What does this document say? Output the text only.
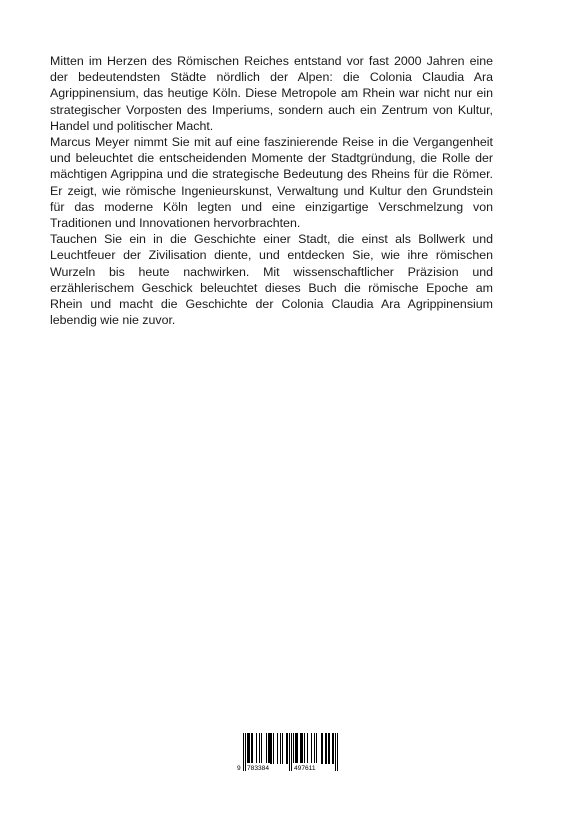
Mitten im Herzen des Römischen Reiches entstand vor fast 2000 Jahren eine der bedeutendsten Städte nördlich der Alpen: die Colonia Claudia Ara Agrippinensium, das heutige Köln. Diese Metropole am Rhein war nicht nur ein strategischer Vorposten des Imperiums, sondern auch ein Zentrum von Kultur, Handel und politischer Macht.

Marcus Meyer nimmt Sie mit auf eine faszinierende Reise in die Vergangenheit und beleuchtet die entscheidenden Momente der Stadtgründung, die Rolle der mächtigen Agrippina und die strategische Bedeutung des Rheins für die Römer. Er zeigt, wie römische Ingenieurskunst, Verwaltung und Kultur den Grundstein für das moderne Köln legten und eine einzigartige Verschmelzung von Traditionen und Innovationen hervorbrachten.

Tauchen Sie ein in die Geschichte einer Stadt, die einst als Bollwerk und Leuchtfeuer der Zivilisation diente, und entdecken Sie, wie ihre römischen Wurzeln bis heute nachwirken. Mit wissenschaftlicher Präzision und erzählerischem Geschick beleuchtet dieses Buch die römische Epoche am Rhein und macht die Geschichte der Colonia Claudia Ara Agrippinensium lebendig wie nie zuvor.

9 783384	497611
